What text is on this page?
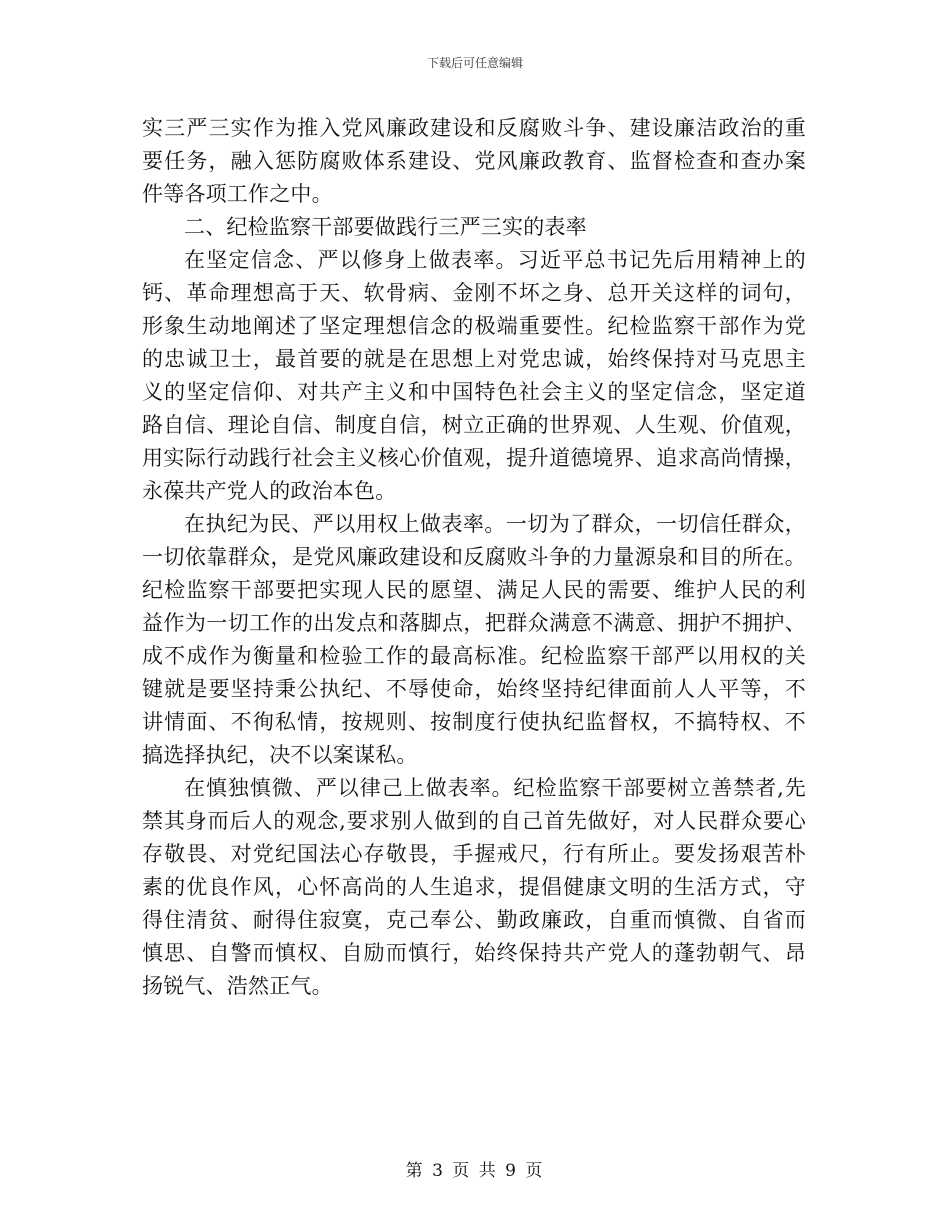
下载后可任意编辑
实三严三实作为推入党风廉政建设和反腐败斗争、建设廉洁政治的重
要任务，融入惩防腐败体系建设、党风廉政教育、监督检查和查办案
件等各项工作之中。
二、纪检监察干部要做践行三严三实的表率
在坚定信念、严以修身上做表率。习近平总书记先后用精神上的
钙、革命理想高于天、软骨病、金刚不坏之身、总开关这样的词句，
形象生动地阐述了坚定理想信念的极端重要性。纪检监察干部作为党
的忠诚卫士，最首要的就是在思想上对党忠诚，始终保持对马克思主
义的坚定信仰、对共产主义和中国特色社会主义的坚定信念，坚定道
路自信、理论自信、制度自信，树立正确的世界观、人生观、价值观，
用实际行动践行社会主义核心价值观，提升道德境界、追求高尚情操，
永葆共产党人的政治本色。
在执纪为民、严以用权上做表率。一切为了群众，一切信任群众，
一切依靠群众，是党风廉政建设和反腐败斗争的力量源泉和目的所在。
纪检监察干部要把实现人民的愿望、满足人民的需要、维护人民的利
益作为一切工作的出发点和落脚点，把群众满意不满意、拥护不拥护、
成不成作为衡量和检验工作的最高标准。纪检监察干部严以用权的关
键就是要坚持秉公执纪、不辱使命，始终坚持纪律面前人人平等，不
讲情面、不徇私情，按规则、按制度行使执纪监督权，不搞特权、不
搞选择执纪，决不以案谋私。
在慎独慎微、严以律己上做表率。纪检监察干部要树立善禁者,先
禁其身而后人的观念,要求别人做到的自己首先做好，对人民群众要心
存敬畏、对党纪国法心存敬畏，手握戒尺，行有所止。要发扬艰苦朴
素的优良作风，心怀高尚的人生追求，提倡健康文明的生活方式，守
得住清贫、耐得住寂寞，克己奉公、勤政廉政，自重而慎微、自省而
慎思、自警而慎权、自励而慎行，始终保持共产党人的蓬勃朝气、昂
扬锐气、浩然正气。
第 3 页 共 9 页
